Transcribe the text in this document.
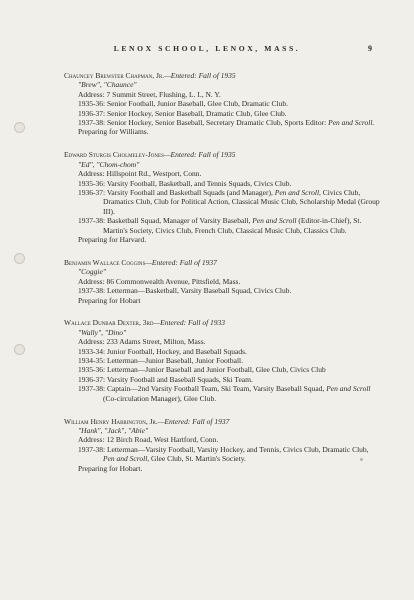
LENOX SCHOOL, LENOX, MASS.	9
Chauncey Brewster Chapman, Jr.—Entered: Fall of 1935
"Brew", "Chaunce"
Address: 7 Summit Street, Flushing, L. I., N. Y.
1935-36: Senior Football, Junior Baseball, Glee Club, Dramatic Club.
1936-37: Senior Hockey, Senior Baseball, Dramatic Club, Glee Club.
1937-38: Senior Hockey, Senior Baseball, Secretary Dramatic Club, Sports Editor: Pen and Scroll.
Preparing for Williams.
Edward Sturgis Cholmeley-Jones—Entered: Fall of 1935
"Ed", "Chom-chom"
Address: Hillspoint Rd., Westport, Conn.
1935-36: Varsity Football, Basketball, and Tennis Squads, Civics Club.
1936-37: Varsity Football and Basketball Squads (and Manager), Pen and Scroll, Civics Club, Dramatics Club, Club for Political Action, Classical Music Club, Scholarship Medal (Group III).
1937-38: Basketball Squad, Manager of Varsity Baseball, Pen and Scroll (Editor-in-Chief), St. Martin's Society, Civics Club, French Club, Classical Music Club, Classics Club.
Preparing for Harvard.
Benjamin Wallace Coggins—Entered: Fall of 1937
"Coggie"
Address: 86 Commonwealth Avenue, Pittsfield, Mass.
1937-38: Letterman—Basketball, Varsity Baseball Squad, Civics Club.
Preparing for Hobart
Wallace Dunbar Dexter, 3rd—Entered: Fall of 1933
"Wally", "Dino"
Address: 233 Adams Street, Milton, Mass.
1933-34: Junior Football, Hockey, and Baseball Squads.
1934-35: Letterman—Junior Baseball, Junior Football.
1935-36: Letterman—Junior Baseball and Junior Football, Glee Club, Civics Club
1936-37: Varsity Football and Baseball Squads, Ski Team.
1937-38: Captain—2nd Varsity Football Team, Ski Team, Varsity Baseball Squad, Pen and Scroll (Co-circulation Manager), Glee Club.
William Henry Harrington, Jr.—Entered: Fall of 1937
"Hank", "Jack", "Abie"
Address: 12 Birch Road, West Hartford, Conn.
1937-38: Letterman—Varsity Football, Varsity Hockey, and Tennis, Civics Club, Dramatic Club, Pen and Scroll, Glee Club, St. Martin's Society.
Preparing for Hobart.
